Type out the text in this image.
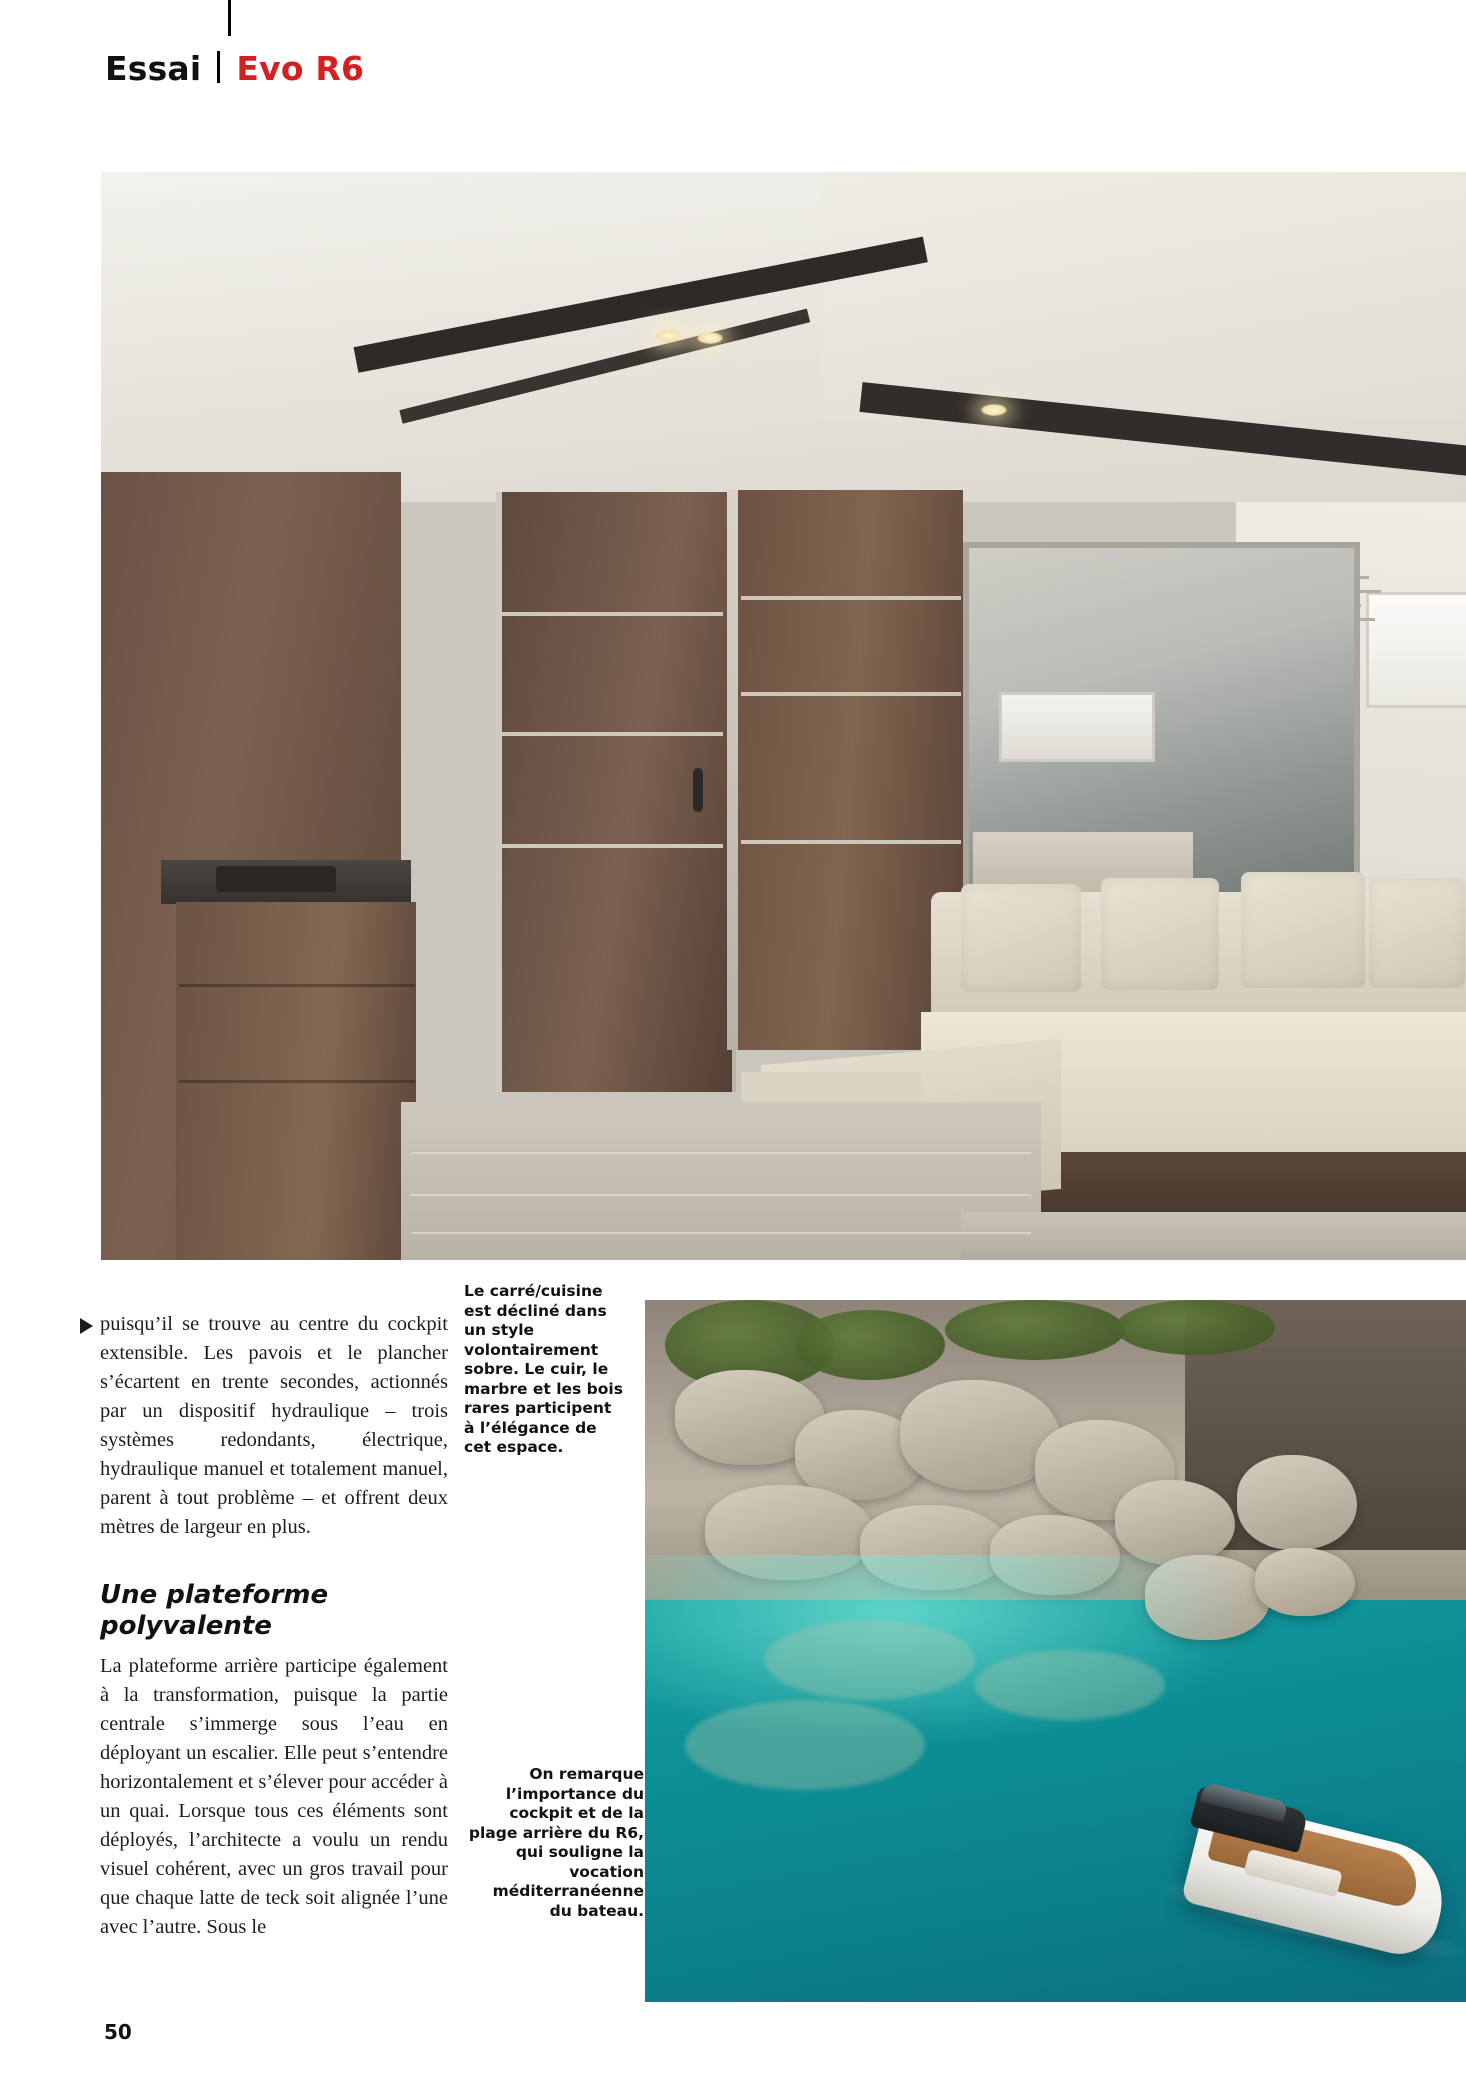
Essai Evo R6

puisqu’il se trouve au centre du cockpit extensible. Les pavois et le plancher s’écartent en trente secondes, actionnés par un dispositif hydraulique – trois systèmes redondants, électrique, hydraulique manuel et totalement manuel, parent à tout problème – et offrent deux mètres de largeur en plus.

Une plateforme polyvalente

La plateforme arrière participe également à la transformation, puisque la partie centrale s’immerge sous l’eau en déployant un escalier. Elle peut s’entendre horizontalement et s’élever pour accéder à un quai. Lorsque tous ces éléments sont déployés, l’architecte a voulu un rendu visuel cohérent, avec un gros travail pour que chaque latte de teck soit alignée l’une avec l’autre. Sous le

Le carré/cuisine est décliné dans un style volontairement sobre. Le cuir, le marbre et les bois rares participent à l’élégance de cet espace.
On remarque l’importance du cockpit et de la plage arrière du R6, qui souligne la vocation méditerranéenne du bateau.
50
